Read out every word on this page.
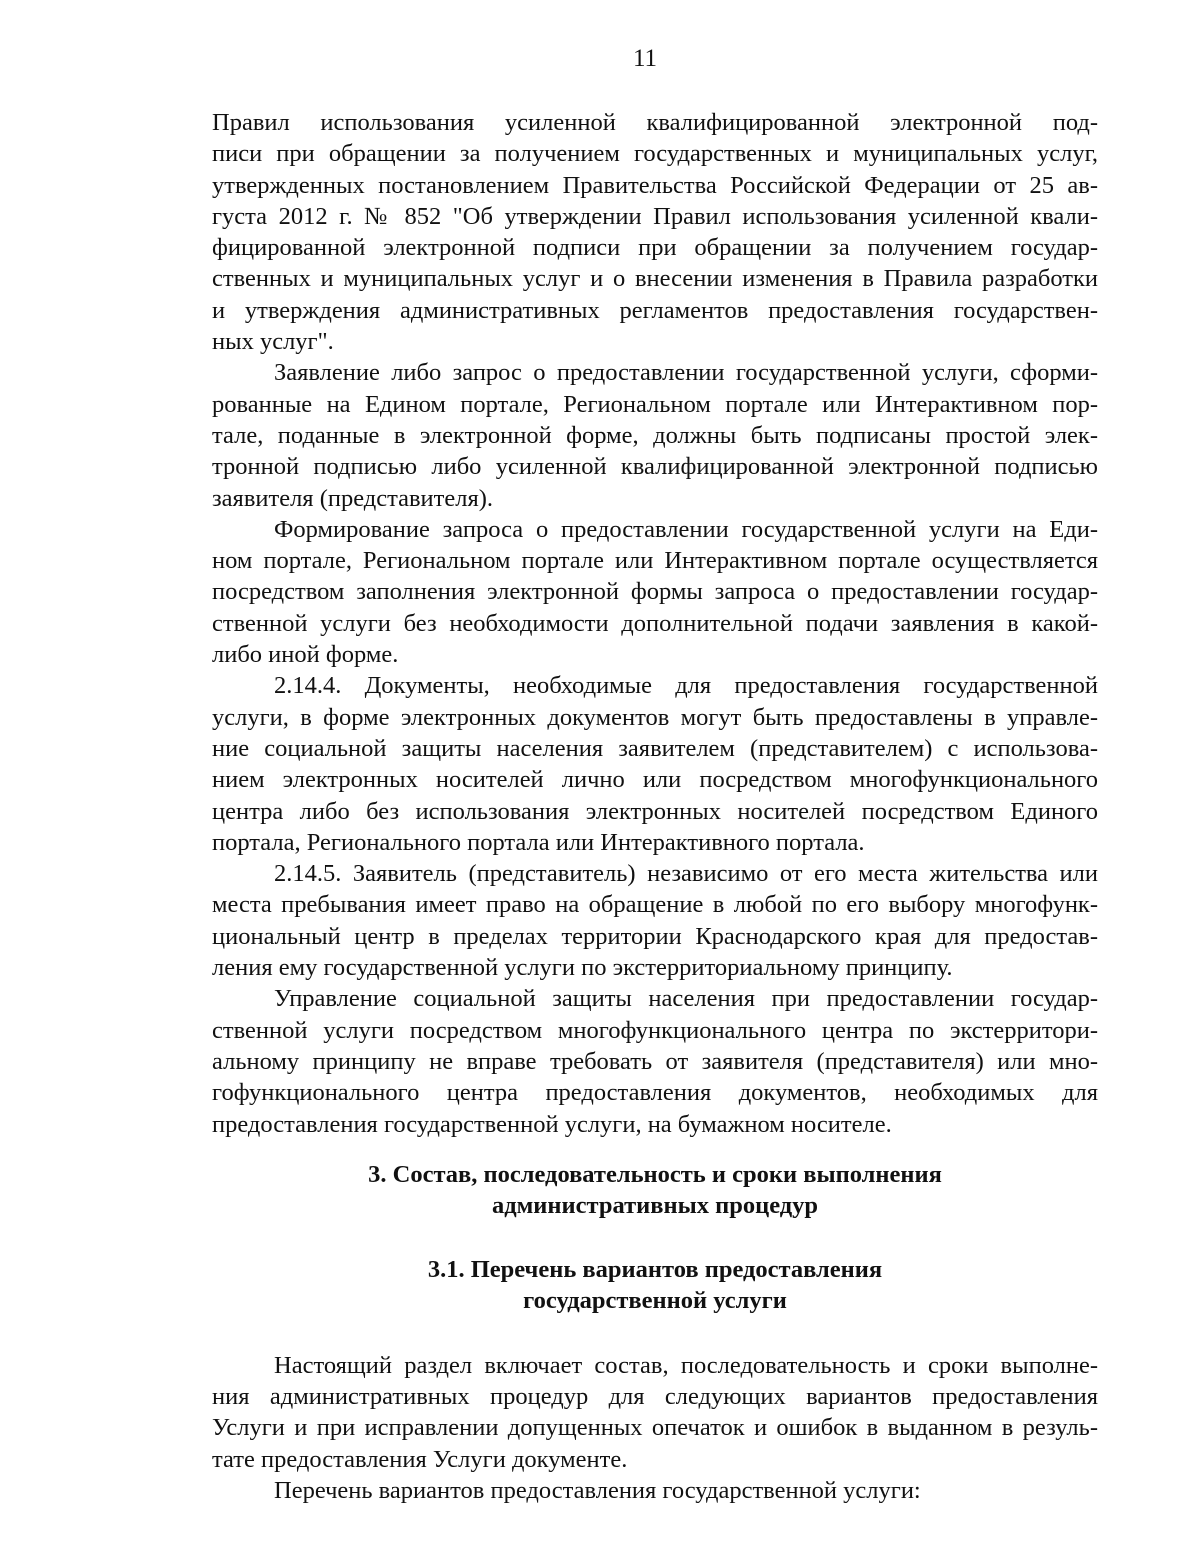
11
Правил использования усиленной квалифицированной электронной под-
писи при обращении за получением государственных и муниципальных услуг,
утвержденных постановлением Правительства Российской Федерации от 25 ав-
густа 2012 г. № 852 "Об утверждении Правил использования усиленной квали-
фицированной электронной подписи при обращении за получением государ-
ственных и муниципальных услуг и о внесении изменения в Правила разработки
и утверждения административных регламентов предоставления государствен-
ных услуг".
Заявление либо запрос о предоставлении государственной услуги, сформи-
рованные на Едином портале, Региональном портале или Интерактивном пор-
тале, поданные в электронной форме, должны быть подписаны простой элек-
тронной подписью либо усиленной квалифицированной электронной подписью
заявителя (представителя).
Формирование запроса о предоставлении государственной услуги на Еди-
ном портале, Региональном портале или Интерактивном портале осуществляется
посредством заполнения электронной формы запроса о предоставлении государ-
ственной услуги без необходимости дополнительной подачи заявления в какой-
либо иной форме.
2.14.4. Документы, необходимые для предоставления государственной
услуги, в форме электронных документов могут быть предоставлены в управле-
ние социальной защиты населения заявителем (представителем) с использова-
нием электронных носителей лично или посредством многофункционального
центра либо без использования электронных носителей посредством Единого
портала, Регионального портала или Интерактивного портала.
2.14.5. Заявитель (представитель) независимо от его места жительства или
места пребывания имеет право на обращение в любой по его выбору многофунк-
циональный центр в пределах территории Краснодарского края для предостав-
ления ему государственной услуги по экстерриториальному принципу.
Управление социальной защиты населения при предоставлении государ-
ственной услуги посредством многофункционального центра по экстерритори-
альному принципу не вправе требовать от заявителя (представителя) или мно-
гофункционального центра предоставления документов, необходимых для
предоставления государственной услуги, на бумажном носителе.
3. Состав, последовательность и сроки выполнения
административных процедур
3.1. Перечень вариантов предоставления
государственной услуги
Настоящий раздел включает состав, последовательность и сроки выполне-
ния административных процедур для следующих вариантов предоставления
Услуги и при исправлении допущенных опечаток и ошибок в выданном в резуль-
тате предоставления Услуги документе.
Перечень вариантов предоставления государственной услуги:
